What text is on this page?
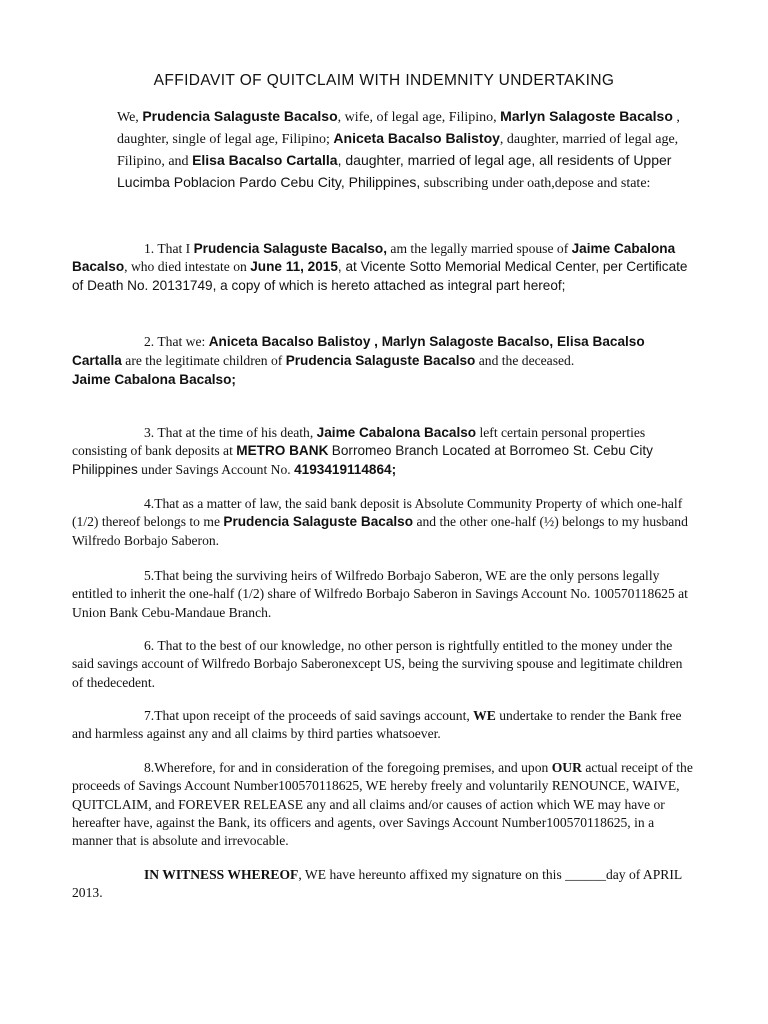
AFFIDAVIT OF QUITCLAIM WITH INDEMNITY UNDERTAKING
We, Prudencia Salaguste Bacalso, wife, of legal age, Filipino, Marlyn Salagoste Bacalso , daughter, single of legal age, Filipino; Aniceta Bacalso Balistoy, daughter, married of legal age, Filipino, and Elisa Bacalso Cartalla, daughter, married of legal age, all residents of Upper Lucimba Poblacion Pardo Cebu City, Philippines, subscribing under oath,depose and state:
1. That I Prudencia Salaguste Bacalso, am the legally married spouse of Jaime Cabalona Bacalso, who died intestate on June 11, 2015, at Vicente Sotto Memorial Medical Center, per Certificate of Death No. 20131749, a copy of which is hereto attached as integral part hereof;
2. That we: Aniceta Bacalso Balistoy , Marlyn Salagoste Bacalso, Elisa Bacalso Cartalla are the legitimate children of Prudencia Salaguste Bacalso and the deceased.
Jaime Cabalona Bacalso;
3. That at the time of his death, Jaime Cabalona Bacalso left certain personal properties consisting of bank deposits at METRO BANK Borromeo Branch Located at Borromeo St. Cebu City Philippines under Savings Account No. 4193419114864;
4.That as a matter of law, the said bank deposit is Absolute Community Property of which one-half (1/2) thereof belongs to me Prudencia Salaguste Bacalso and the other one-half (½) belongs to my husband Wilfredo Borbajo Saberon.
5.That being the surviving heirs of Wilfredo Borbajo Saberon, WE are the only persons legally entitled to inherit the one-half (1/2) share of Wilfredo Borbajo Saberon in Savings Account No. 100570118625 at Union Bank Cebu-Mandaue Branch.
6. That to the best of our knowledge, no other person is rightfully entitled to the money under the said savings account of Wilfredo Borbajo Saberonexcept US, being the surviving spouse and legitimate children of thedecedent.
7.That upon receipt of the proceeds of said savings account, WE undertake to render the Bank free and harmless against any and all claims by third parties whatsoever.
8.Wherefore, for and in consideration of the foregoing premises, and upon OUR actual receipt of the proceeds of Savings Account Number100570118625, WE hereby freely and voluntarily RENOUNCE, WAIVE, QUITCLAIM, and FOREVER RELEASE any and all claims and/or causes of action which WE may have or hereafter have, against the Bank, its officers and agents, over Savings Account Number100570118625, in a manner that is absolute and irrevocable.
IN WITNESS WHEREOF, WE have hereunto affixed my signature on this ______day of APRIL 2013.
